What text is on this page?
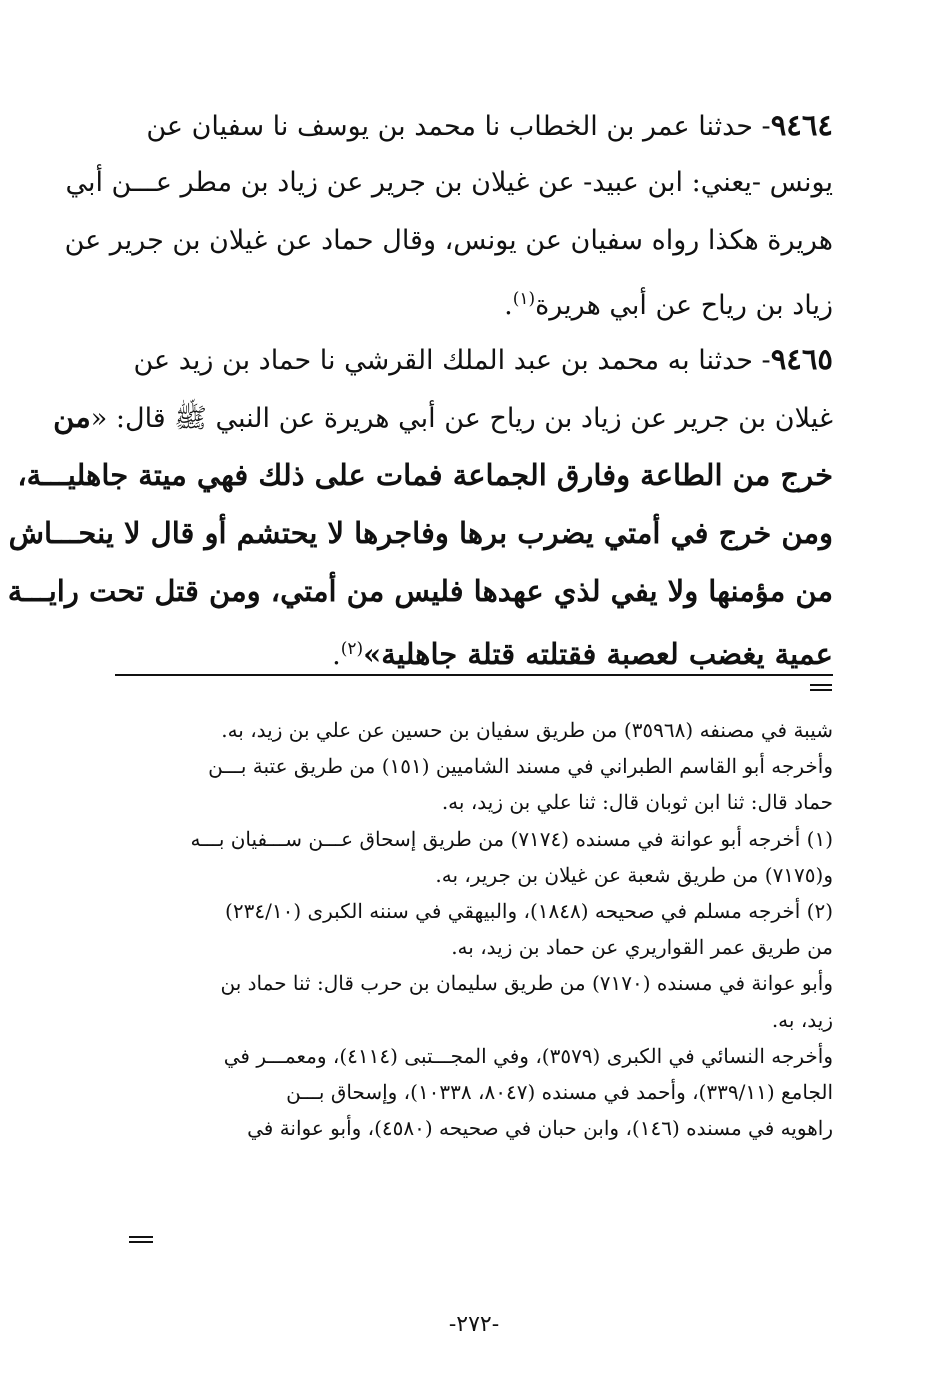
٩٤٦٤- حدثنا عمر بن الخطاب نا محمد بن يوسف نا سفيان عن
يونس -يعني: ابن عبيد- عن غيلان بن جرير عن زياد بن مطر عـــن أبي
هريرة هكذا رواه سفيان عن يونس، وقال حماد عن غيلان بن جرير عن
زياد بن رياح عن أبي هريرة$^{(١)}$.
٩٤٦٥- حدثنا به محمد بن عبد الملك القرشي نا حماد بن زيد عن
غيلان بن جرير عن زياد بن رياح عن أبي هريرة عن النبي ﷺ قال: «من
خرج من الطاعة وفارق الجماعة فمات على ذلك فهي ميتة جاهليـــة،
ومن خرج في أمتي يضرب برها وفاجرها لا يحتشم أو قال لا ينحـــاش
من مؤمنها ولا يفي لذي عهدها فليس من أمتي، ومن قتل تحت رايـــة
عمية يغضب لعصبة فقتلته قتلة جاهلية»$^{(٢)}$.
شيبة في مصنفه (٣٥٩٦٨) من طريق سفيان بن حسين عن علي بن زيد، به.
وأخرجه أبو القاسم الطبراني في مسند الشاميين (١٥١) من طريق عتبة بـــن
حماد قال: ثنا ابن ثوبان قال: ثنا علي بن زيد، به.
(١) أخرجه أبو عوانة في مسنده (٧١٧٤) من طريق إسحاق عـــن ســـفيان بـــه
و(٧١٧٥) من طريق شعبة عن غيلان بن جرير، به.
(٢) أخرجه مسلم في صحيحه (١٨٤٨)، والبيهقي في سننه الكبرى (٢٣٤/١٠)
من طريق عمر القواريري عن حماد بن زيد، به.
وأبو عوانة في مسنده (٧١٧٠) من طريق سليمان بن حرب قال: ثنا حماد بن
زيد، به.
وأخرجه النسائي في الكبرى (٣٥٧٩)، وفي المجـــتبى (٤١١٤)، ومعمـــر في
الجامع (٣٣٩/١١)، وأحمد في مسنده (٨٠٤٧، ١٠٣٣٨)، وإسحاق بـــن
راهويه في مسنده (١٤٦)، وابن حبان في صحيحه (٤٥٨٠)، وأبو عوانة في
-٢٧٢-
